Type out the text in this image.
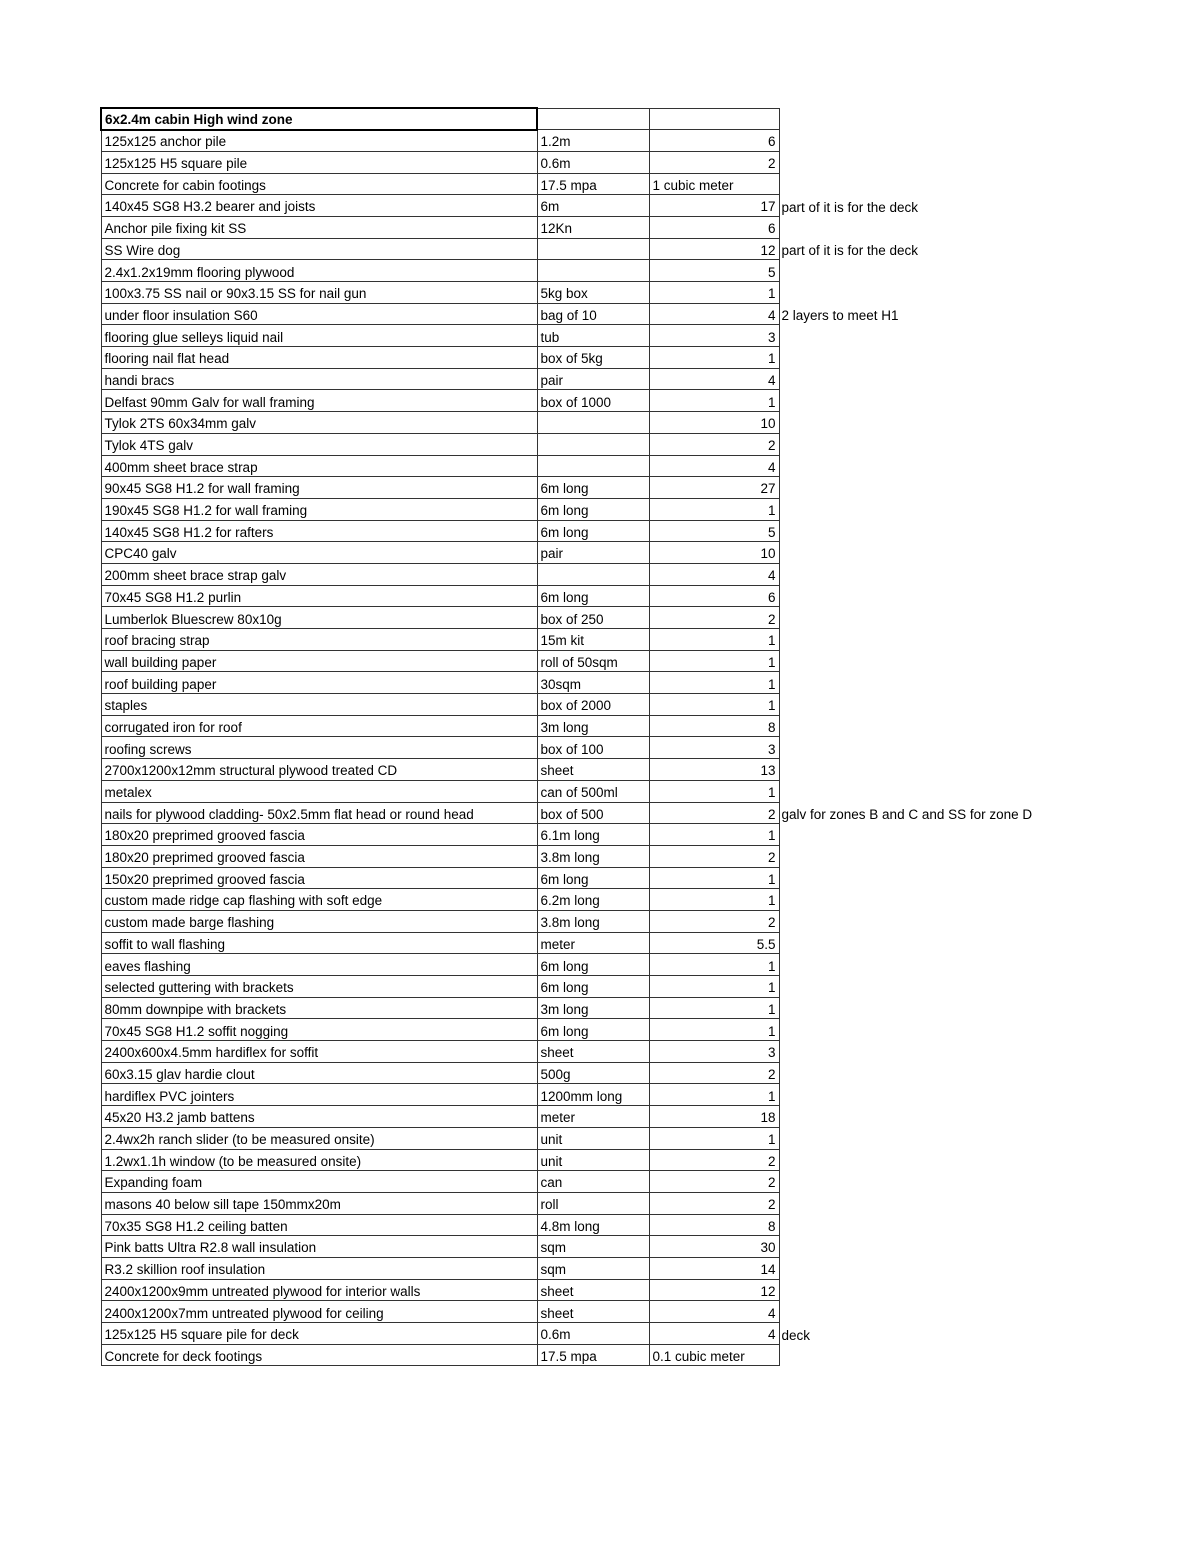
6x2.4m cabin High wind zone			
125x125 anchor pile	1.2m	6	
125x125 H5 square pile	0.6m	2	
Concrete for cabin footings	17.5 mpa	1 cubic meter	
140x45 SG8 H3.2 bearer and joists	6m	17	part of it is for the deck
Anchor pile fixing kit SS	12Kn	6	
SS Wire dog		12	part of it is for the deck
2.4x1.2x19mm flooring plywood		5	
100x3.75 SS nail or 90x3.15 SS for nail gun	5kg box	1	
under floor insulation S60	bag of 10	4	2 layers to meet H1
flooring glue selleys liquid nail	tub	3	
flooring nail flat head	box of 5kg	1	
handi bracs	pair	4	
Delfast 90mm Galv for wall framing	box of 1000	1	
Tylok 2TS 60x34mm galv		10	
Tylok 4TS galv		2	
400mm sheet brace strap		4	
90x45 SG8 H1.2 for wall framing	6m long	27	
190x45 SG8 H1.2 for wall framing	6m long	1	
140x45 SG8 H1.2 for rafters	6m long	5	
CPC40 galv	pair	10	
200mm sheet brace strap galv		4	
70x45 SG8 H1.2 purlin	6m long	6	
Lumberlok Bluescrew 80x10g	box of 250	2	
roof bracing strap	15m kit	1	
wall building paper	roll of 50sqm	1	
roof building paper	30sqm	1	
staples	box of 2000	1	
corrugated iron for roof	3m long	8	
roofing screws	box of 100	3	
2700x1200x12mm structural plywood treated CD	sheet	13	
metalex	can of 500ml	1	
nails for plywood cladding- 50x2.5mm flat head or round head	box of 500	2	galv for zones B and C and SS for zone D
180x20 preprimed grooved fascia	6.1m long	1	
180x20 preprimed grooved fascia	3.8m long	2	
150x20 preprimed grooved fascia	6m long	1	
custom made ridge cap flashing with soft edge	6.2m long	1	
custom made barge flashing	3.8m long	2	
soffit to wall flashing	meter	5.5	
eaves flashing	6m long	1	
selected guttering with brackets	6m long	1	
80mm downpipe with brackets	3m long	1	
70x45 SG8 H1.2 soffit nogging	6m long	1	
2400x600x4.5mm hardiflex for soffit	sheet	3	
60x3.15 glav hardie clout	500g	2	
hardiflex PVC jointers	1200mm long	1	
45x20 H3.2 jamb battens	meter	18	
2.4wx2h ranch slider (to be measured onsite)	unit	1	
1.2wx1.1h window (to be measured onsite)	unit	2	
Expanding foam	can	2	
masons 40 below sill tape 150mmx20m	roll	2	
70x35 SG8 H1.2 ceiling batten	4.8m long	8	
Pink batts Ultra R2.8 wall insulation	sqm	30	
R3.2 skillion roof insulation	sqm	14	
2400x1200x9mm untreated plywood for interior walls	sheet	12	
2400x1200x7mm untreated plywood for ceiling	sheet	4	
125x125 H5 square pile for deck	0.6m	4	deck
Concrete for deck footings	17.5 mpa	0.1 cubic meter	
